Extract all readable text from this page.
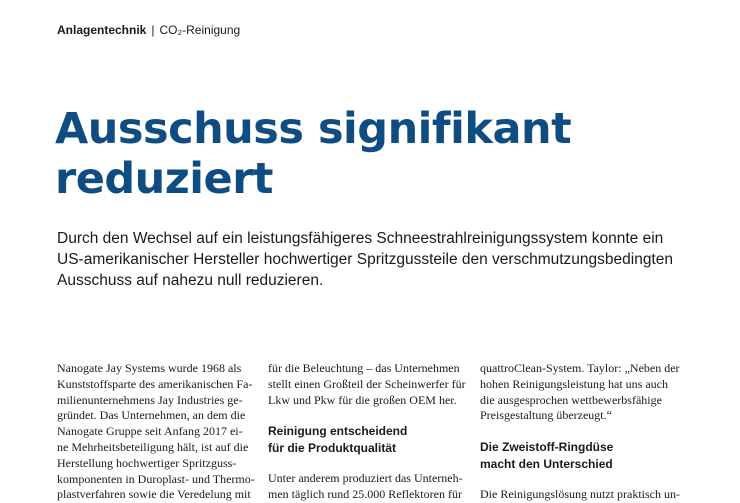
Anlagentechnik | CO₂-Reinigung
Ausschuss signifikant
reduziert

Durch den Wechsel auf ein leistungsfähigeres Schneestrahlreinigungssystem konnte ein
US-amerikanischer Hersteller hochwertiger Spritzgussteile den verschmutzungsbedingten
Ausschuss auf nahezu null reduzieren.

Nanogate Jay Systems wurde 1968 als
Kunststoffsparte des amerikanischen Fa-
milienunternehmens Jay Industries ge-
gründet. Das Unternehmen, an dem die
Nanogate Gruppe seit Anfang 2017 ei-
ne Mehrheitsbeteiligung hält, ist auf die
Herstellung hochwertiger Spritzguss-
komponenten in Duroplast- und Thermo-
plastverfahren sowie die Veredelung mit

für die Beleuchtung – das Unternehmen
stellt einen Großteil der Scheinwerfer für
Lkw und Pkw für die großen OEM her.

Reinigung entscheidend
für die Produktqualität

Unter anderem produziert das Unterneh-
men täglich rund 25.000 Reflektoren für

quattroClean-System. Taylor: „Neben der
hohen Reinigungsleistung hat uns auch
die ausgesprochen wettbewerbsfähige
Preisgestaltung überzeugt.“

Die Zweistoff-Ringdüse
macht den Unterschied

Die Reinigungslösung nutzt praktisch un-
